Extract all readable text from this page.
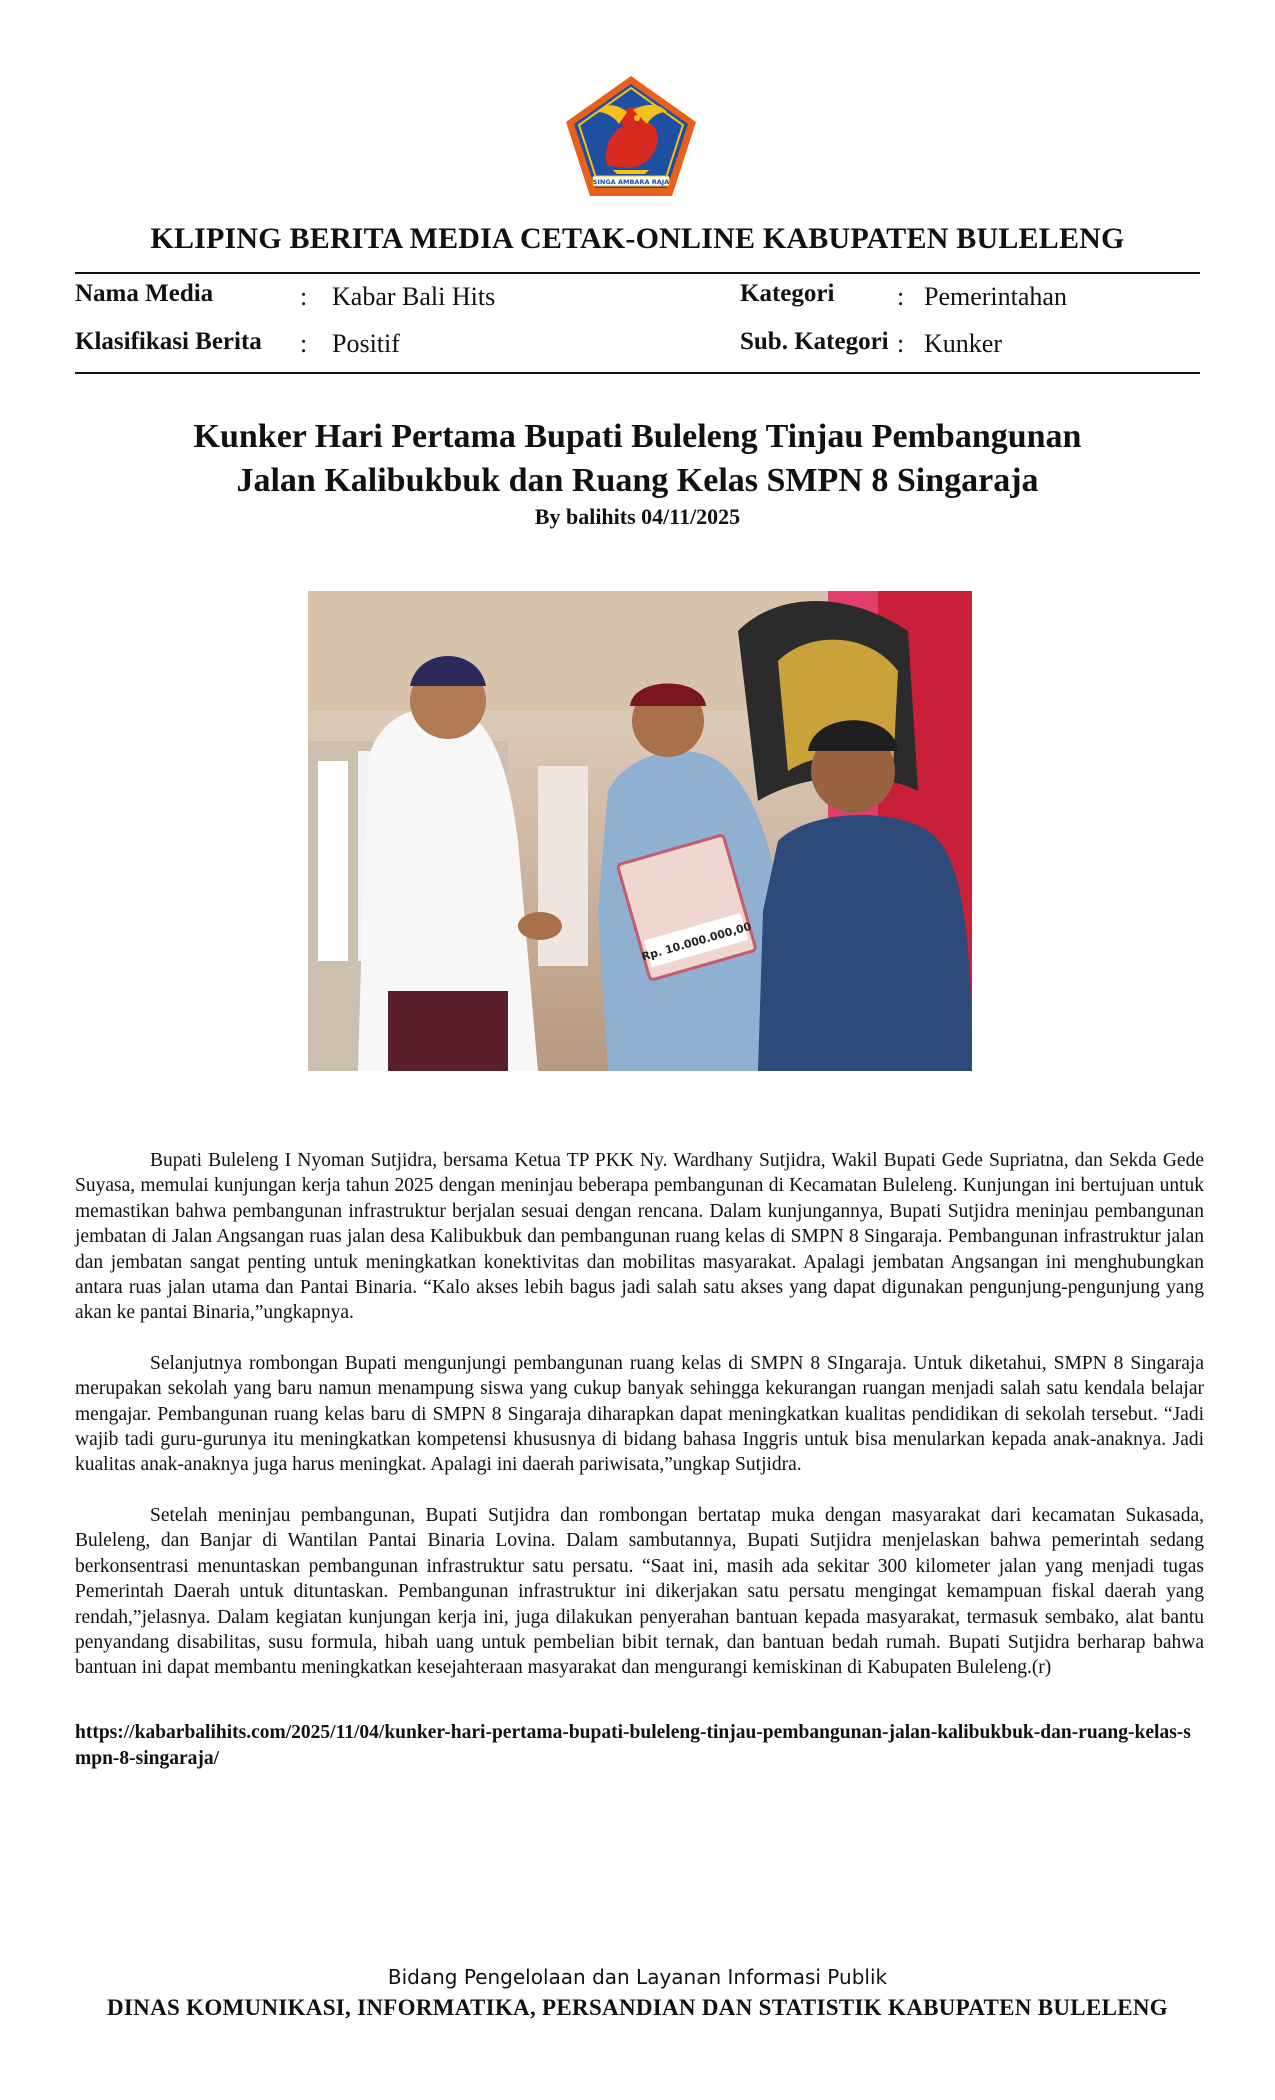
SINGA AMBARA RAJA
KLIPING BERITA MEDIA CETAK-ONLINE KABUPATEN BULELENG
Nama Media	: Kabar Bali Hits
Klasifikasi Berita : Positif
Kategori : Pemerintahan
Sub. Kategori : Kunker
Kunker Hari Pertama Bupati Buleleng Tinjau Pembangunan
Jalan Kalibukbuk dan Ruang Kelas SMPN 8 Singaraja
By balihits 04/11/2025
Rp. 10.000.000,00

Bupati Buleleng I Nyoman Sutjidra, bersama Ketua TP PKK Ny. Wardhany Sutjidra, Wakil Bupati Gede Supriatna, dan Sekda Gede Suyasa, memulai kunjungan kerja tahun 2025 dengan meninjau beberapa pembangunan di Kecamatan Buleleng. Kunjungan ini bertujuan untuk memastikan bahwa pembangunan infrastruktur berjalan sesuai dengan rencana. Dalam kunjungannya, Bupati Sutjidra meninjau pembangunan jembatan di Jalan Angsangan ruas jalan desa Kalibukbuk dan pembangunan ruang kelas di SMPN 8 Singaraja. Pembangunan infrastruktur jalan dan jembatan sangat penting untuk meningkatkan konektivitas dan mobilitas masyarakat. Apalagi jembatan Angsangan ini menghubungkan antara ruas jalan utama dan Pantai Binaria. “Kalo akses lebih bagus jadi salah satu akses yang dapat digunakan pengunjung-pengunjung yang akan ke pantai Binaria,”ungkapnya.

Selanjutnya rombongan Bupati mengunjungi pembangunan ruang kelas di SMPN 8 SIngaraja. Untuk diketahui, SMPN 8 Singaraja merupakan sekolah yang baru namun menampung siswa yang cukup banyak sehingga kekurangan ruangan menjadi salah satu kendala belajar mengajar. Pembangunan ruang kelas baru di SMPN 8 Singaraja diharapkan dapat meningkatkan kualitas pendidikan di sekolah tersebut. “Jadi wajib tadi guru-gurunya itu meningkatkan kompetensi khususnya di bidang bahasa Inggris untuk bisa menularkan kepada anak-anaknya. Jadi kualitas anak-anaknya juga harus meningkat. Apalagi ini daerah pariwisata,”ungkap Sutjidra.

Setelah meninjau pembangunan, Bupati Sutjidra dan rombongan bertatap muka dengan masyarakat dari kecamatan Sukasada, Buleleng, dan Banjar di Wantilan Pantai Binaria Lovina. Dalam sambutannya, Bupati Sutjidra menjelaskan bahwa pemerintah sedang berkonsentrasi menuntaskan pembangunan infrastruktur satu persatu. “Saat ini, masih ada sekitar 300 kilometer jalan yang menjadi tugas Pemerintah Daerah untuk dituntaskan. Pembangunan infrastruktur ini dikerjakan satu persatu mengingat kemampuan fiskal daerah yang rendah,”jelasnya. Dalam kegiatan kunjungan kerja ini, juga dilakukan penyerahan bantuan kepada masyarakat, termasuk sembako, alat bantu penyandang disabilitas, susu formula, hibah uang untuk pembelian bibit ternak, dan bantuan bedah rumah. Bupati Sutjidra berharap bahwa bantuan ini dapat membantu meningkatkan kesejahteraan masyarakat dan mengurangi kemiskinan di Kabupaten Buleleng.(r)

https://kabarbalihits.com/2025/11/04/kunker-hari-pertama-bupati-buleleng-tinjau-pembangunan-jalan-kalibukbuk-dan-ruang-kelas-smpn-8-singaraja/
Bidang Pengelolaan dan Layanan Informasi Publik
DINAS KOMUNIKASI, INFORMATIKA, PERSANDIAN DAN STATISTIK KABUPATEN BULELENG
